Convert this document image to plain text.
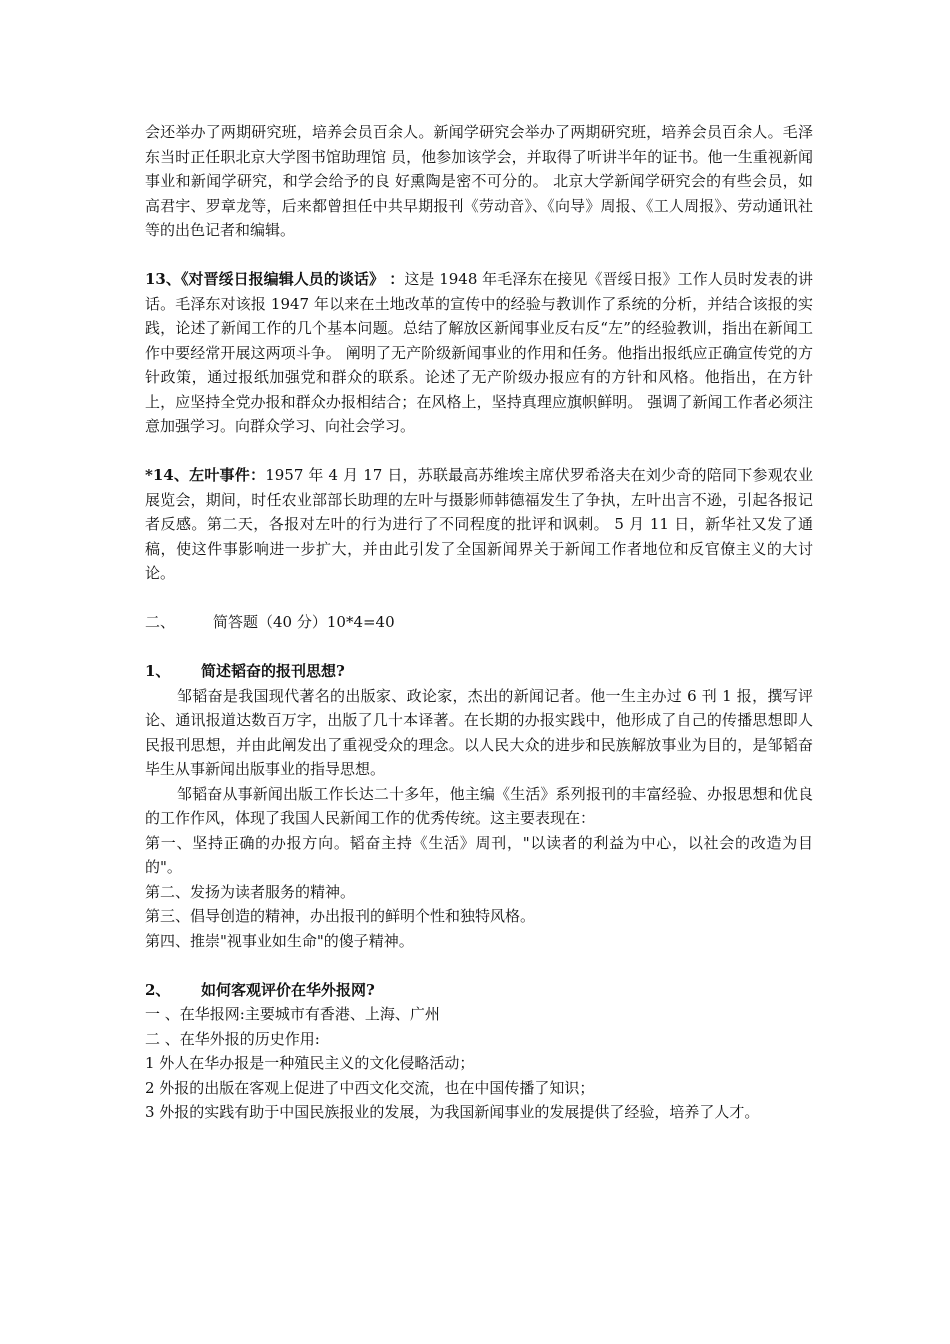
会还举办了两期研究班，培养会员百余人。新闻学研究会举办了两期研究班，培养会员百余人。毛泽东当时正任职北京大学图书馆助理馆 员，他参加该学会，并取得了听讲半年的证书。他一生重视新闻事业和新闻学研究，和学会给予的良 好熏陶是密不可分的。 北京大学新闻学研究会的有些会员，如高君宇、罗章龙等，后来都曾担任中共早期报刊《劳动音》、《向导》周报、《工人周报》、劳动通讯社等的出色记者和编辑。

13、《对晋绥日报编辑人员的谈话》 ：这是 1948 年毛泽东在接见《晋绥日报》工作人员时发表的讲话。毛泽东对该报 1947 年以来在土地改革的宣传中的经验与教训作了系统的分析，并结合该报的实践，论述了新闻工作的几个基本问题。总结了解放区新闻事业反右反“左”的经验教训，指出在新闻工作中要经常开展这两项斗争。 阐明了无产阶级新闻事业的作用和任务。他指出报纸应正确宣传党的方针政策，通过报纸加强党和群众的联系。论述了无产阶级办报应有的方针和风格。他指出，在方针上，应坚持全党办报和群众办报相结合；在风格上，坚持真理应旗帜鲜明。 强调了新闻工作者必须注意加强学习。向群众学习、向社会学习。

*14、左叶事件：1957 年 4 月 17 日，苏联最高苏维埃主席伏罗希洛夫在刘少奇的陪同下参观农业展览会，期间，时任农业部部长助理的左叶与摄影师韩德福发生了争执，左叶出言不逊，引起各报记者反感。第二天，各报对左叶的行为进行了不同程度的批评和讽刺。 5 月 11 日，新华社又发了通稿，使这件事影响进一步扩大，并由此引发了全国新闻界关于新闻工作者地位和反官僚主义的大讨论。

二、	简答题（40 分）10*4=40

1、 简述韬奋的报刊思想?

邹韬奋是我国现代著名的出版家、政论家，杰出的新闻记者。他一生主办过 6 刊 1 报，撰写评论、通讯报道达数百万字，出版了几十本译著。在长期的办报实践中，他形成了自己的传播思想即人民报刊思想，并由此阐发出了重视受众的理念。以人民大众的进步和民族解放事业为目的，是邹韬奋毕生从事新闻出版事业的指导思想。

邹韬奋从事新闻出版工作长达二十多年，他主编《生活》系列报刊的丰富经验、办报思想和优良的工作作风，体现了我国人民新闻工作的优秀传统。这主要表现在：

第一、坚持正确的办报方向。韬奋主持《生活》周刊，"以读者的利益为中心，以社会的改造为目的"。

第二、发扬为读者服务的精神。

第三、倡导创造的精神，办出报刊的鲜明个性和独特风格。

第四、推崇"视事业如生命"的傻子精神。

2、 如何客观评价在华外报网?

一 、在华报网:主要城市有香港、上海、广州

二 、在华外报的历史作用:

1 外人在华办报是一种殖民主义的文化侵略活动；

2 外报的出版在客观上促进了中西文化交流，也在中国传播了知识；

3 外报的实践有助于中国民族报业的发展，为我国新闻事业的发展提供了经验，培养了人才。
